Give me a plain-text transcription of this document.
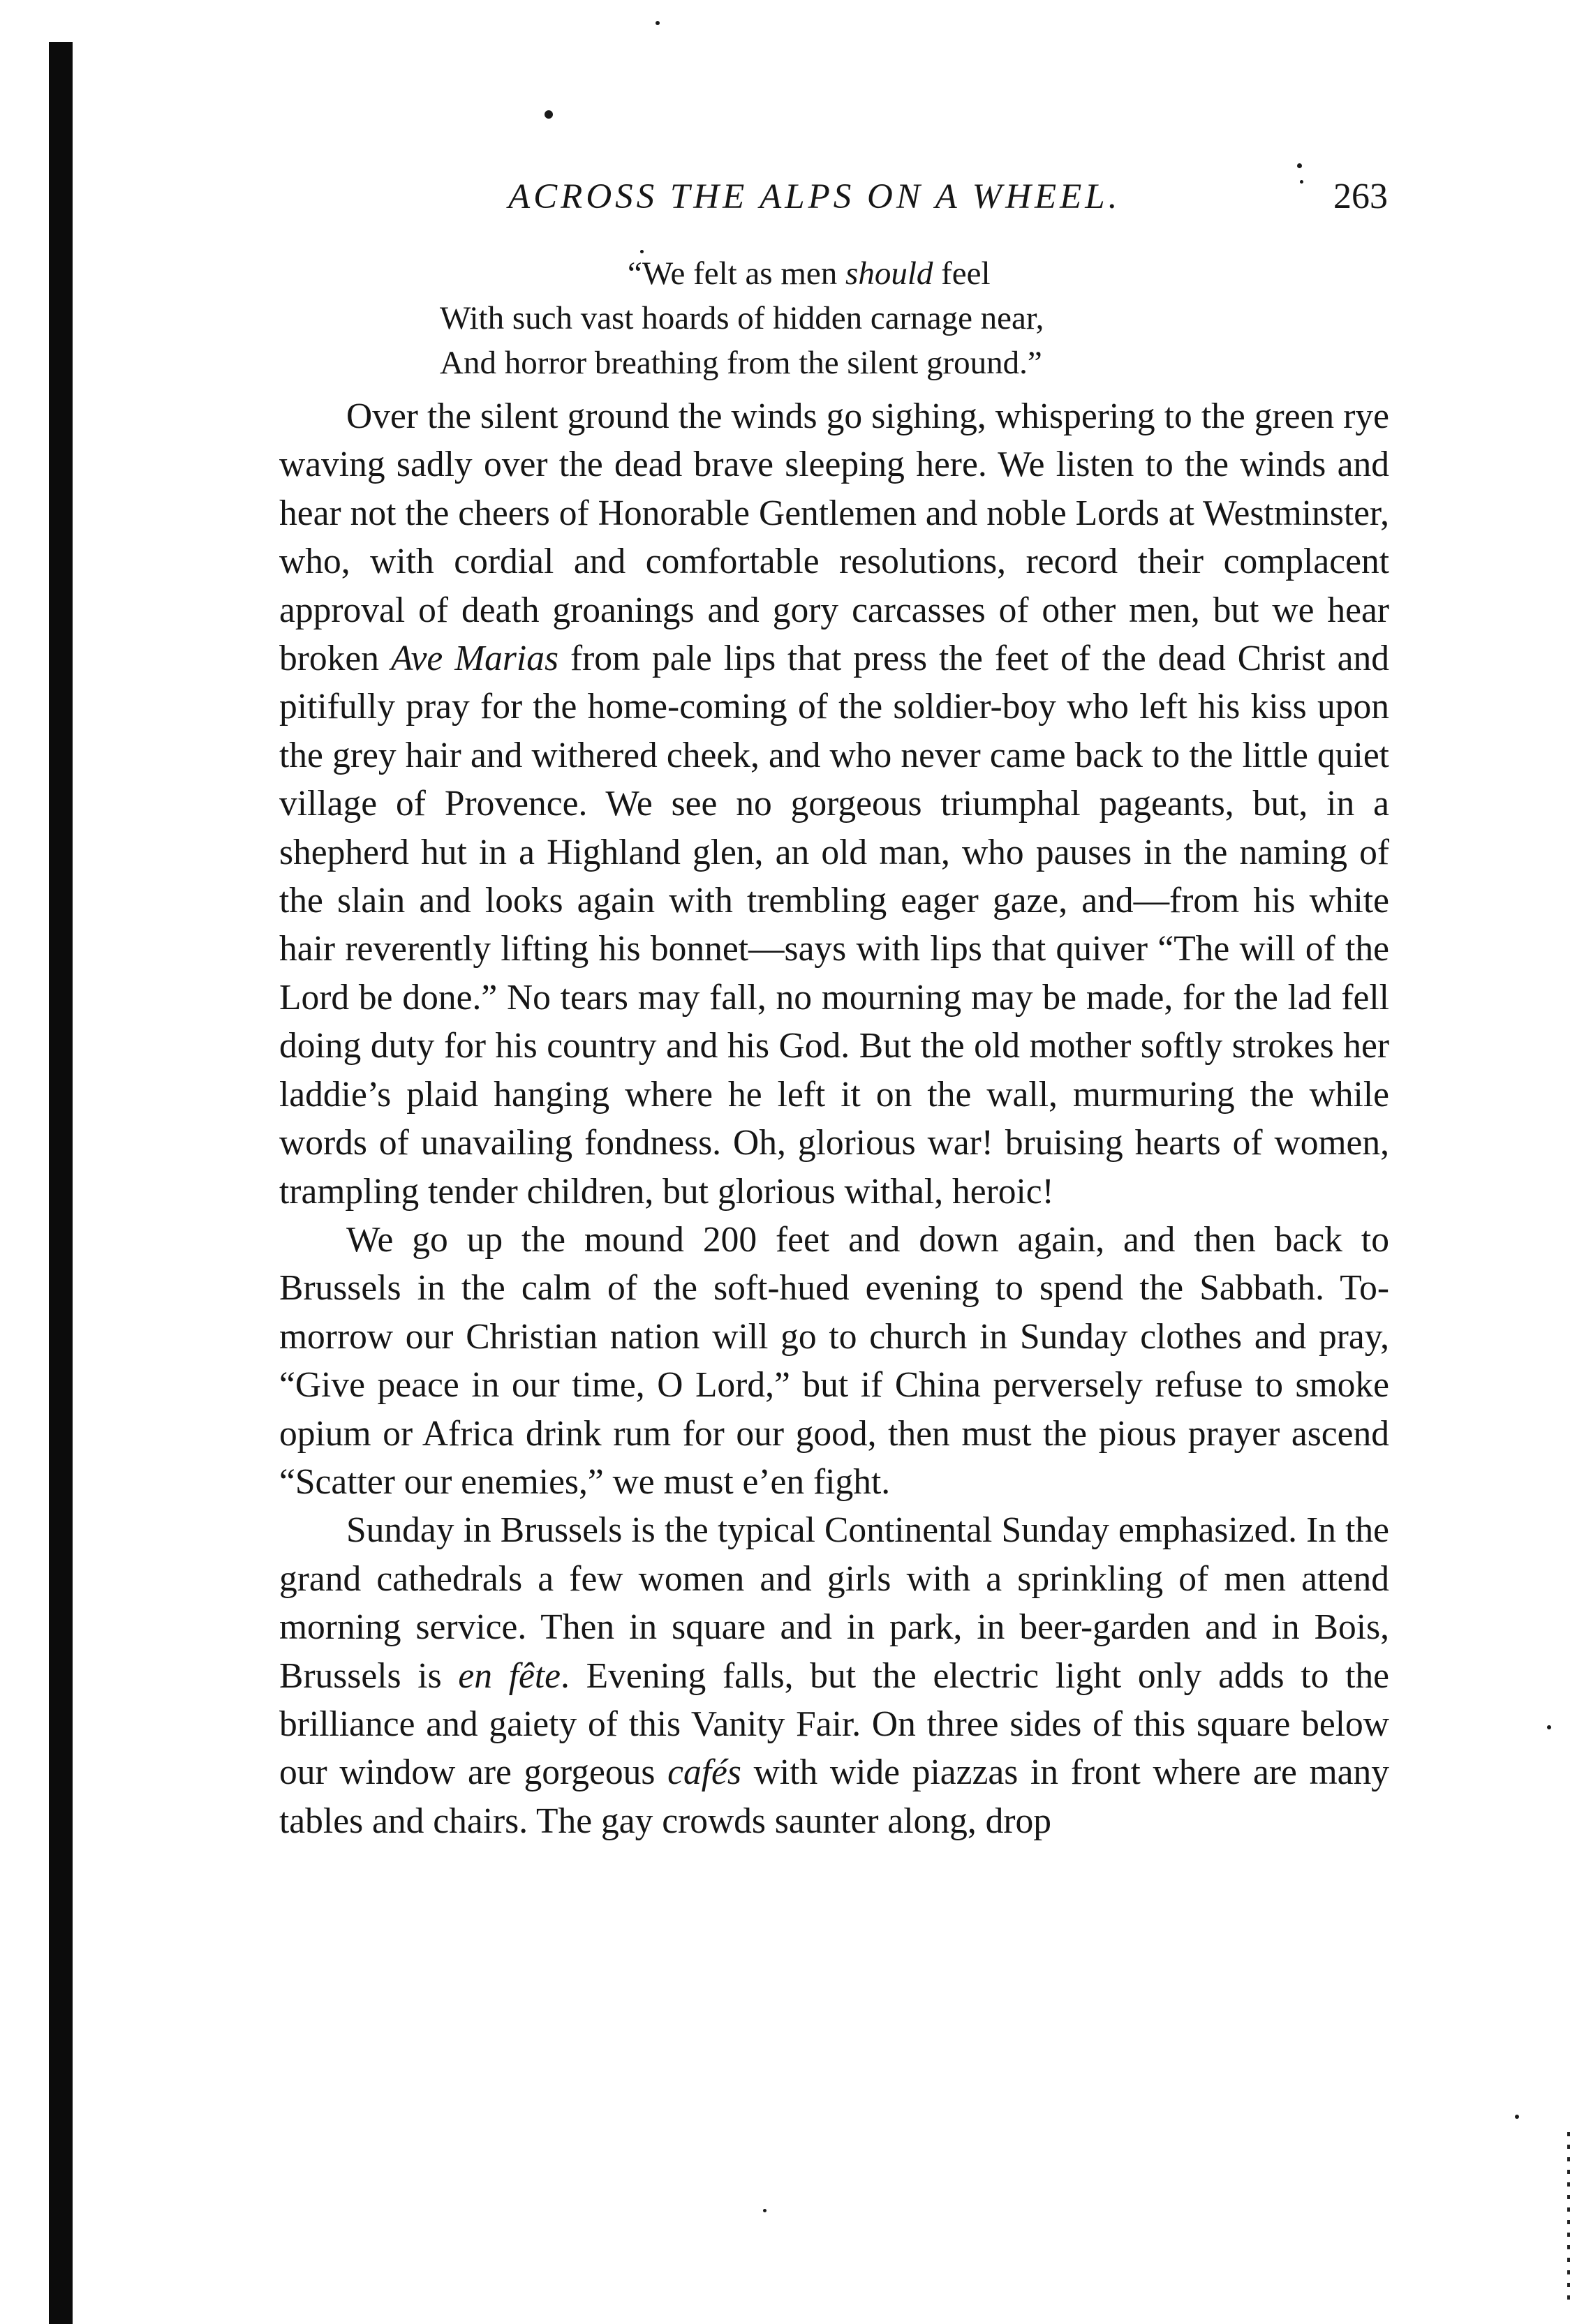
ACROSS THE ALPS ON A WHEEL.	263
“We felt as men should feel
With such vast hoards of hidden carnage near,
And horror breathing from the silent ground.”

Over the silent ground the winds go sighing, whispering to the green rye waving sadly over the dead brave sleeping here. We listen to the winds and hear not the cheers of Honorable Gentlemen and noble Lords at Westminster, who, with cordial and comfortable resolutions, record their complacent approval of death groanings and gory carcasses of other men, but we hear broken Ave Marias from pale lips that press the feet of the dead Christ and pitifully pray for the home-coming of the soldier-boy who left his kiss upon the grey hair and withered cheek, and who never came back to the little quiet village of Provence. We see no gorgeous triumphal pageants, but, in a shepherd hut in a Highland glen, an old man, who pauses in the naming of the slain and looks again with trembling eager gaze, and—from his white hair reverently lifting his bonnet—says with lips that quiver “The will of the Lord be done.” No tears may fall, no mourning may be made, for the lad fell doing duty for his country and his God. But the old mother softly strokes her laddie’s plaid hanging where he left it on the wall, murmuring the while words of unavailing fondness. Oh, glorious war! bruising hearts of women, trampling tender children, but glorious withal, heroic!

We go up the mound 200 feet and down again, and then back to Brussels in the calm of the soft-hued evening to spend the Sabbath. To-morrow our Christian nation will go to church in Sunday clothes and pray, “Give peace in our time, O Lord,” but if China perversely refuse to smoke opium or Africa drink rum for our good, then must the pious prayer ascend “Scatter our enemies,” we must e’en fight.

Sunday in Brussels is the typical Continental Sunday emphasized. In the grand cathedrals a few women and girls with a sprinkling of men attend morning service. Then in square and in park, in beer-garden and in Bois, Brussels is en fête. Evening falls, but the electric light only adds to the brilliance and gaiety of this Vanity Fair. On three sides of this square below our window are gorgeous cafés with wide piazzas in front where are many tables and chairs. The gay crowds saunter along, drop
